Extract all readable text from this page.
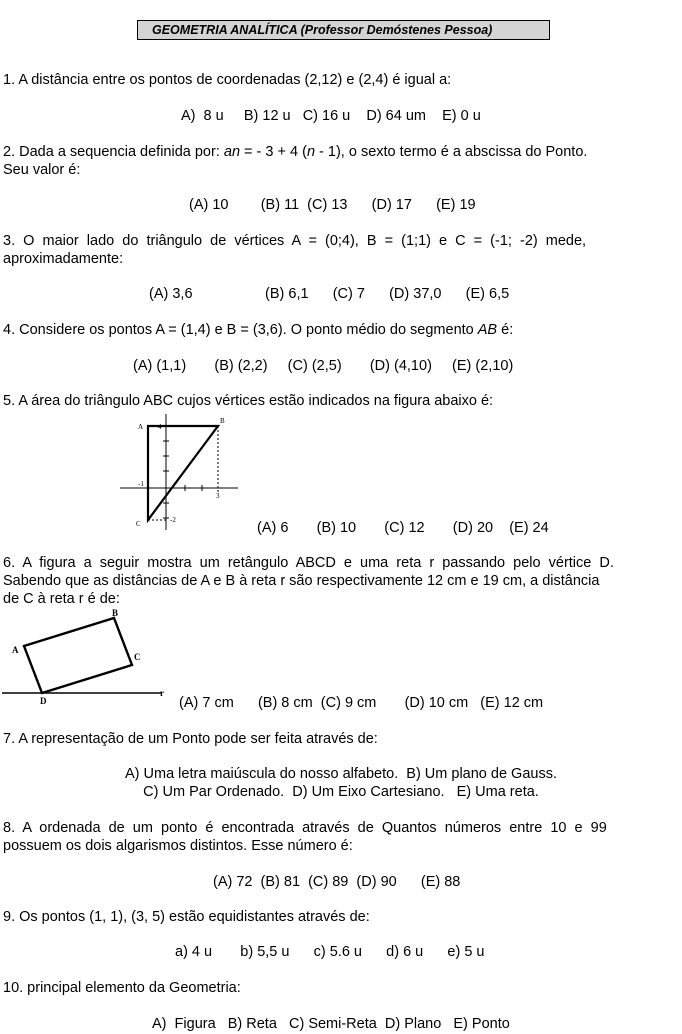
GEOMETRIA ANALÍTICA (Professor Demóstenes Pessoa)
1. A distância entre os pontos de coordenadas (2,12) e (2,4) é igual a:
A)  8 u     B) 12 u   C) 16 u    D) 64 um    E) 0 u
2. Dada a sequencia definida por: an = - 3 + 4 (n - 1), o sexto termo é a abscissa do Ponto.
Seu valor é:
(A) 10        (B) 11  (C) 13      (D) 17      (E) 19
3.  O  maior  lado  do  triângulo  de  vértices  A  =  (0;4),  B  =  (1;1)  e  C  =  (-1;  -2)  mede,
aproximadamente:
(A) 3,6                  (B) 6,1      (C) 7      (D) 37,0      (E) 6,5
4. Considere os pontos A = (1,4) e B = (3,6). O ponto médio do segmento AB é:
(A) (1,1)       (B) (2,2)     (C) (2,5)       (D) (4,10)     (E) (2,10)
5. A área do triângulo ABC cujos vértices estão indicados na figura abaixo é:
A
B
C
4
-1
-2
3
(A) 6       (B) 10       (C) 12       (D) 20    (E) 24
6.  A  figura  a  seguir  mostra  um  retângulo  ABCD  e  uma  reta  r  passando  pelo  vértice  D.
Sabendo que as distâncias de A e B à reta r são respectivamente 12 cm e 19 cm, a distância
de C à reta r é de:
A
B
C
D
r
(A) 7 cm      (B) 8 cm  (C) 9 cm       (D) 10 cm   (E) 12 cm
7. A representação de um Ponto pode ser feita através de:
A) Uma letra maiúscula do nosso alfabeto.  B) Um plano de Gauss.
C) Um Par Ordenado.  D) Um Eixo Cartesiano.   E) Uma reta.
8.  A  ordenada  de  um  ponto  é  encontrada  através  de  Quantos  números  entre  10  e  99
possuem os dois algarismos distintos. Esse número é:
(A) 72  (B) 81  (C) 89  (D) 90      (E) 88
9. Os pontos (1, 1), (3, 5) estão equidistantes através de:
a) 4 u       b) 5,5 u      c) 5.6 u      d) 6 u      e) 5 u
10. principal elemento da Geometria:
A)  Figura   B) Reta   C) Semi-Reta  D) Plano   E) Ponto
